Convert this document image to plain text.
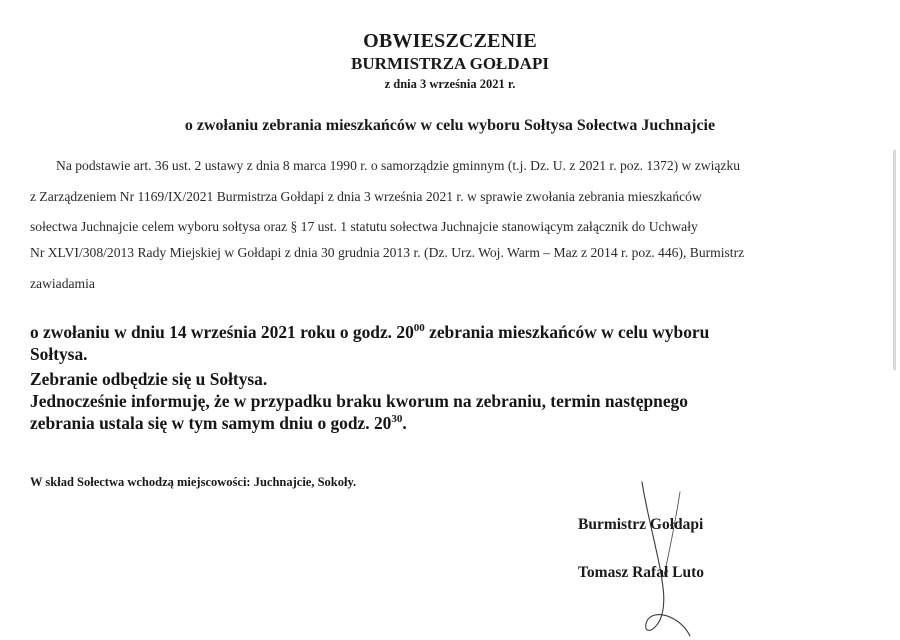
OBWIESZCZENIE
BURMISTRZA GOŁDAPI
z dnia 3 września 2021 r.
o zwołaniu zebrania mieszkańców w celu wyboru Sołtysa Sołectwa Juchnajcie
Na podstawie art. 36 ust. 2 ustawy z dnia 8 marca 1990 r. o samorządzie gminnym (t.j. Dz. U. z 2021 r. poz. 1372) w związku
z Zarządzeniem Nr 1169/IX/2021 Burmistrza Gołdapi z dnia 3 września 2021 r. w sprawie zwołania zebrania mieszkańców
sołectwa Juchnajcie celem wyboru sołtysa oraz § 17 ust. 1 statutu sołectwa Juchnajcie stanowiącym załącznik do Uchwały
Nr XLVI/308/2013 Rady Miejskiej w Gołdapi z dnia 30 grudnia 2013 r. (Dz. Urz. Woj. Warm – Maz z 2014 r. poz. 446), Burmistrz
zawiadamia
o zwołaniu w dniu 14 września 2021 roku o godz. $20^{00}$ zebrania mieszkańców w celu wyboru
Sołtysa.
Zebranie odbędzie się u Sołtysa.
Jednocześnie informuję, że w przypadku braku kworum na zebraniu, termin następnego
zebrania ustala się w tym samym dniu o godz. $20^{30}$.
W skład Sołectwa wchodzą miejscowości: Juchnajcie, Sokoły.
Burmistrz Gołdapi
Tomasz Rafał Luto
